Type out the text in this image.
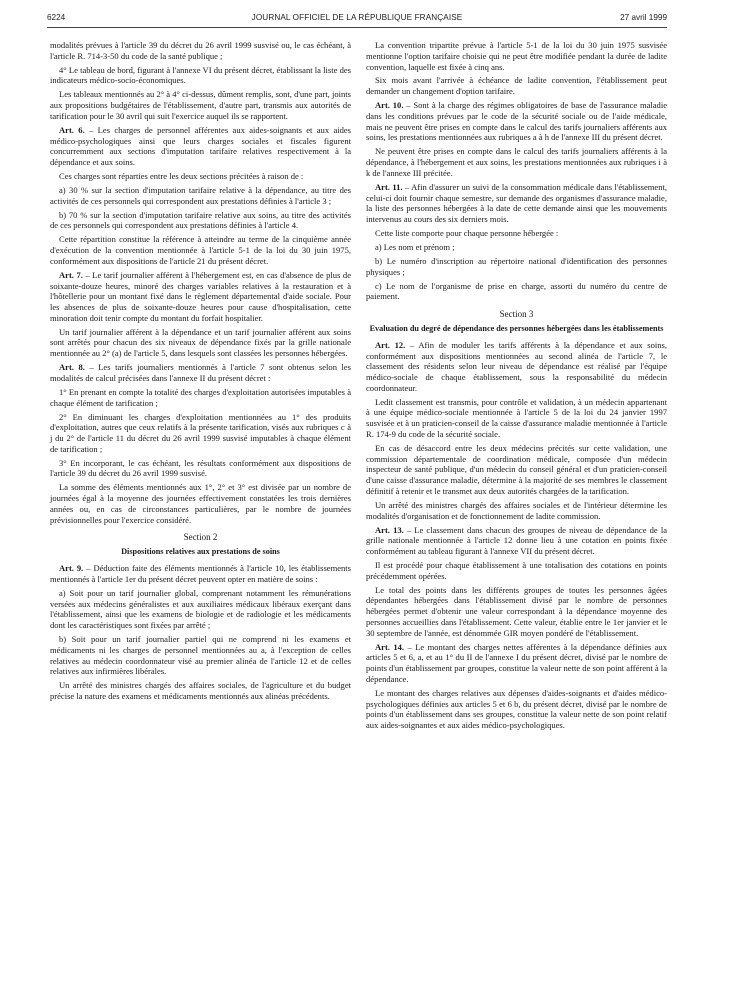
6224	JOURNAL OFFICIEL DE LA RÉPUBLIQUE FRANÇAISE	27 avril 1999

modalités prévues à l'article 39 du décret du 26 avril 1999 susvisé ou, le cas échéant, à l'article R. 714-3-50 du code de la santé publique ;

4° Le tableau de bord, figurant à l'annexe VI du présent décret, établissant la liste des indicateurs médico-socio-économiques.

Les tableaux mentionnés au 2° à 4° ci-dessus, dûment remplis, sont, d'une part, joints aux propositions budgétaires de l'établissement, d'autre part, transmis aux autorités de tarification pour le 30 avril qui suit l'exercice auquel ils se rapportent.

Art. 6. – Les charges de personnel afférentes aux aides-soignants et aux aides médico-psychologiques ainsi que leurs charges sociales et fiscales figurent concurremment aux sections d'imputation tarifaire relatives respectivement à la dépendance et aux soins.

Ces charges sont réparties entre les deux sections précitées à raison de :

a) 30 % sur la section d'imputation tarifaire relative à la dépendance, au titre des activités de ces personnels qui correspondent aux prestations définies à l'article 3 ;

b) 70 % sur la section d'imputation tarifaire relative aux soins, au titre des activités de ces personnels qui correspondent aux prestations définies à l'article 4.

Cette répartition constitue la référence à atteindre au terme de la cinquième année d'exécution de la convention mentionnée à l'article 5-1 de la loi du 30 juin 1975, conformément aux dispositions de l'article 21 du présent décret.

Art. 7. – Le tarif journalier afférent à l'hébergement est, en cas d'absence de plus de soixante-douze heures, minoré des charges variables relatives à la restauration et à l'hôtellerie pour un montant fixé dans le règlement départemental d'aide sociale. Pour les absences de plus de soixante-douze heures pour cause d'hospitalisation, cette minoration doit tenir compte du montant du forfait hospitalier.

Un tarif journalier afférent à la dépendance et un tarif journalier afférent aux soins sont arrêtés pour chacun des six niveaux de dépendance fixés par la grille nationale mentionnée au 2° (a) de l'article 5, dans lesquels sont classées les personnes hébergées.

Art. 8. – Les tarifs journaliers mentionnés à l'article 7 sont obtenus selon les modalités de calcul précisées dans l'annexe II du présent décret :

1° En prenant en compte la totalité des charges d'exploitation autorisées imputables à chaque élément de tarification ;

2° En diminuant les charges d'exploitation mentionnées au 1° des produits d'exploitation, autres que ceux relatifs à la présente tarification, visés aux rubriques c à j du 2° de l'article 11 du décret du 26 avril 1999 susvisé imputables à chaque élément de tarification ;

3° En incorporant, le cas échéant, les résultats conformément aux dispositions de l'article 39 du décret du 26 avril 1999 susvisé.

La somme des éléments mentionnés aux 1°, 2° et 3° est divisée par un nombre de journées égal à la moyenne des journées effectivement constatées les trois dernières années ou, en cas de circonstances particulières, par le nombre de journées prévisionnelles pour l'exercice considéré.

Section 2
Dispositions relatives aux prestations de soins

Art. 9. – Déduction faite des éléments mentionnés à l'article 10, les établissements mentionnés à l'article 1er du présent décret peuvent opter en matière de soins :

a) Soit pour un tarif journalier global, comprenant notamment les rémunérations versées aux médecins généralistes et aux auxiliaires médicaux libéraux exerçant dans l'établissement, ainsi que les examens de biologie et de radiologie et les médicaments dont les caractéristiques sont fixées par arrêté ;

b) Soit pour un tarif journalier partiel qui ne comprend ni les examens et médicaments ni les charges de personnel mentionnées au a, à l'exception de celles relatives au médecin coordonnateur visé au premier alinéa de l'article 12 et de celles relatives aux infirmières libérales.

Un arrêté des ministres chargés des affaires sociales, de l'agriculture et du budget précise la nature des examens et médicaments mentionnés aux alinéas précédents.

La convention tripartite prévue à l'article 5-1 de la loi du 30 juin 1975 susvisée mentionne l'option tarifaire choisie qui ne peut être modifiée pendant la durée de ladite convention, laquelle est fixée à cinq ans.

Six mois avant l'arrivée à échéance de ladite convention, l'établissement peut demander un changement d'option tarifaire.

Art. 10. – Sont à la charge des régimes obligatoires de base de l'assurance maladie dans les conditions prévues par le code de la sécurité sociale ou de l'aide médicale, mais ne peuvent être prises en compte dans le calcul des tarifs journaliers afférents aux soins, les prestations mentionnées aux rubriques a à h de l'annexe III du présent décret.

Ne peuvent être prises en compte dans le calcul des tarifs journaliers afférents à la dépendance, à l'hébergement et aux soins, les prestations mentionnées aux rubriques i à k de l'annexe III précitée.

Art. 11. – Afin d'assurer un suivi de la consommation médicale dans l'établissement, celui-ci doit fournir chaque semestre, sur demande des organismes d'assurance maladie, la liste des personnes hébergées à la date de cette demande ainsi que les mouvements intervenus au cours des six derniers mois.

Cette liste comporte pour chaque personne hébergée :

a) Les nom et prénom ;

b) Le numéro d'inscription au répertoire national d'identification des personnes physiques ;

c) Le nom de l'organisme de prise en charge, assorti du numéro du centre de paiement.

Section 3
Evaluation du degré de dépendance des personnes hébergées dans les établissements

Art. 12. – Afin de moduler les tarifs afférents à la dépendance et aux soins, conformément aux dispositions mentionnées au second alinéa de l'article 7, le classement des résidents selon leur niveau de dépendance est réalisé par l'équipe médico-sociale de chaque établissement, sous la responsabilité du médecin coordonnateur.

Ledit classement est transmis, pour contrôle et validation, à un médecin appartenant à une équipe médico-sociale mentionnée à l'article 5 de la loi du 24 janvier 1997 susvisée et à un praticien-conseil de la caisse d'assurance maladie mentionnée à l'article R. 174-9 du code de la sécurité sociale.

En cas de désaccord entre les deux médecins précités sur cette validation, une commission départementale de coordination médicale, composée d'un médecin inspecteur de santé publique, d'un médecin du conseil général et d'un praticien-conseil d'une caisse d'assurance maladie, détermine à la majorité de ses membres le classement définitif à retenir et le transmet aux deux autorités chargées de la tarification.

Un arrêté des ministres chargés des affaires sociales et de l'intérieur détermine les modalités d'organisation et de fonctionnement de ladite commission.

Art. 13. – Le classement dans chacun des groupes de niveau de dépendance de la grille nationale mentionnée à l'article 12 donne lieu à une cotation en points fixée conformément au tableau figurant à l'annexe VII du présent décret.

Il est procédé pour chaque établissement à une totalisation des cotations en points précédemment opérées.

Le total des points dans les différents groupes de toutes les personnes âgées dépendantes hébergées dans l'établissement divisé par le nombre de personnes hébergées permet d'obtenir une valeur correspondant à la dépendance moyenne des personnes accueillies dans l'établissement. Cette valeur, établie entre le 1er janvier et le 30 septembre de l'année, est dénommée GIR moyen pondéré de l'établissement.

Art. 14. – Le montant des charges nettes afférentes à la dépendance définies aux articles 5 et 6, a, et au 1° du II de l'annexe I du présent décret, divisé par le nombre de points d'un établissement par groupes, constitue la valeur nette de son point afférent à la dépendance.

Le montant des charges relatives aux dépenses d'aides-soignants et d'aides médico-psychologiques définies aux articles 5 et 6 b, du présent décret, divisé par le nombre de points d'un établissement dans ses groupes, constitue la valeur nette de son point relatif aux aides-soignantes et aux aides médico-psychologiques.
